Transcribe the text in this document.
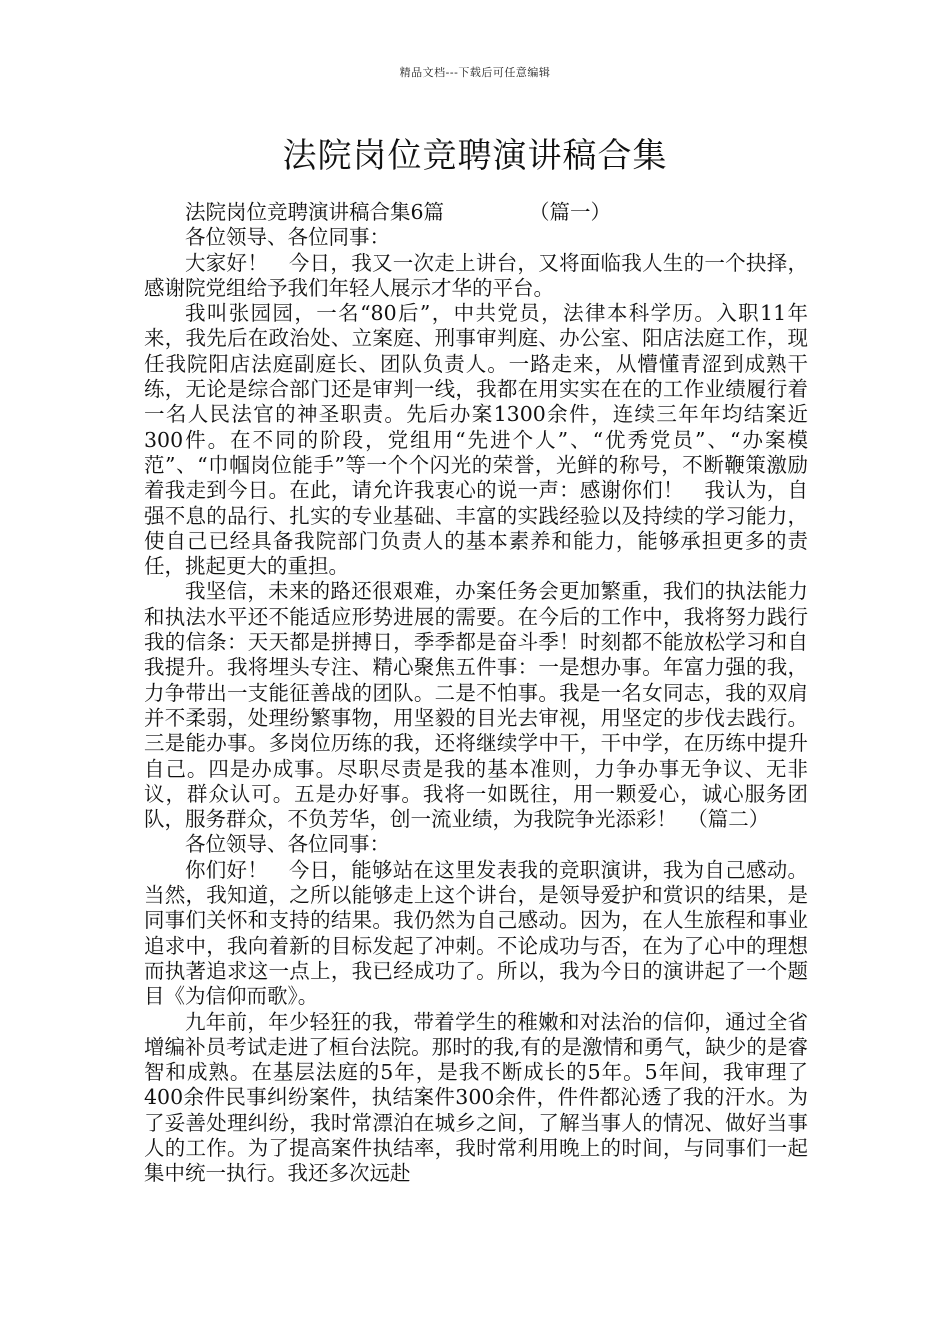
精品文档---下载后可任意编辑
法院岗位竞聘演讲稿合集

法院岗位竞聘演讲稿合集6篇	（篇一）

各位领导、各位同事：

大家好！　今日，我又一次走上讲台，又将面临我人生的一个抉择，感谢院党组给予我们年轻人展示才华的平台。

我叫张园园，一名“80后”，中共党员，法律本科学历。入职11年来，我先后在政治处、立案庭、刑事审判庭、办公室、阳店法庭工作，现任我院阳店法庭副庭长、团队负责人。一路走来，从懵懂青涩到成熟干练，无论是综合部门还是审判一线，我都在用实实在在的工作业绩履行着一名人民法官的神圣职责。先后办案1300余件，连续三年年均结案近300件。在不同的阶段，党组用“先进个人”、“优秀党员”、“办案模范”、“巾帼岗位能手”等一个个闪光的荣誉，光鲜的称号，不断鞭策激励着我走到今日。在此，请允许我衷心的说一声：感谢你们！　我认为，自强不息的品行、扎实的专业基础、丰富的实践经验以及持续的学习能力，使自己已经具备我院部门负责人的基本素养和能力，能够承担更多的责任，挑起更大的重担。

我坚信，未来的路还很艰难，办案任务会更加繁重，我们的执法能力和执法水平还不能适应形势进展的需要。在今后的工作中，我将努力践行我的信条：天天都是拼搏日，季季都是奋斗季！时刻都不能放松学习和自我提升。我将埋头专注、精心聚焦五件事：一是想办事。年富力强的我，力争带出一支能征善战的团队。二是不怕事。我是一名女同志，我的双肩并不柔弱，处理纷繁事物，用坚毅的目光去审视，用坚定的步伐去践行。三是能办事。多岗位历练的我，还将继续学中干，干中学，在历练中提升自己。四是办成事。尽职尽责是我的基本准则，力争办事无争议、无非议，群众认可。五是办好事。我将一如既往，用一颗爱心，诚心服务团队，服务群众，不负芳华，创一流业绩，为我院争光添彩！　（篇二）

各位领导、各位同事：

你们好！　今日，能够站在这里发表我的竞职演讲，我为自己感动。当然，我知道，之所以能够走上这个讲台，是领导爱护和赏识的结果，是同事们关怀和支持的结果。我仍然为自己感动。因为，在人生旅程和事业追求中，我向着新的目标发起了冲刺。不论成功与否，在为了心中的理想而执著追求这一点上，我已经成功了。所以，我为今日的演讲起了一个题目《为信仰而歌》。

九年前，年少轻狂的我，带着学生的稚嫩和对法治的信仰，通过全省增编补员考试走进了桓台法院。那时的我,有的是激情和勇气，缺少的是睿智和成熟。在基层法庭的5年，是我不断成长的5年。5年间，我审理了400余件民事纠纷案件，执结案件300余件，件件都沁透了我的汗水。为了妥善处理纠纷，我时常漂泊在城乡之间，了解当事人的情况、做好当事人的工作。为了提高案件执结率，我时常利用晚上的时间，与同事们一起集中统一执行。我还多次远赴
